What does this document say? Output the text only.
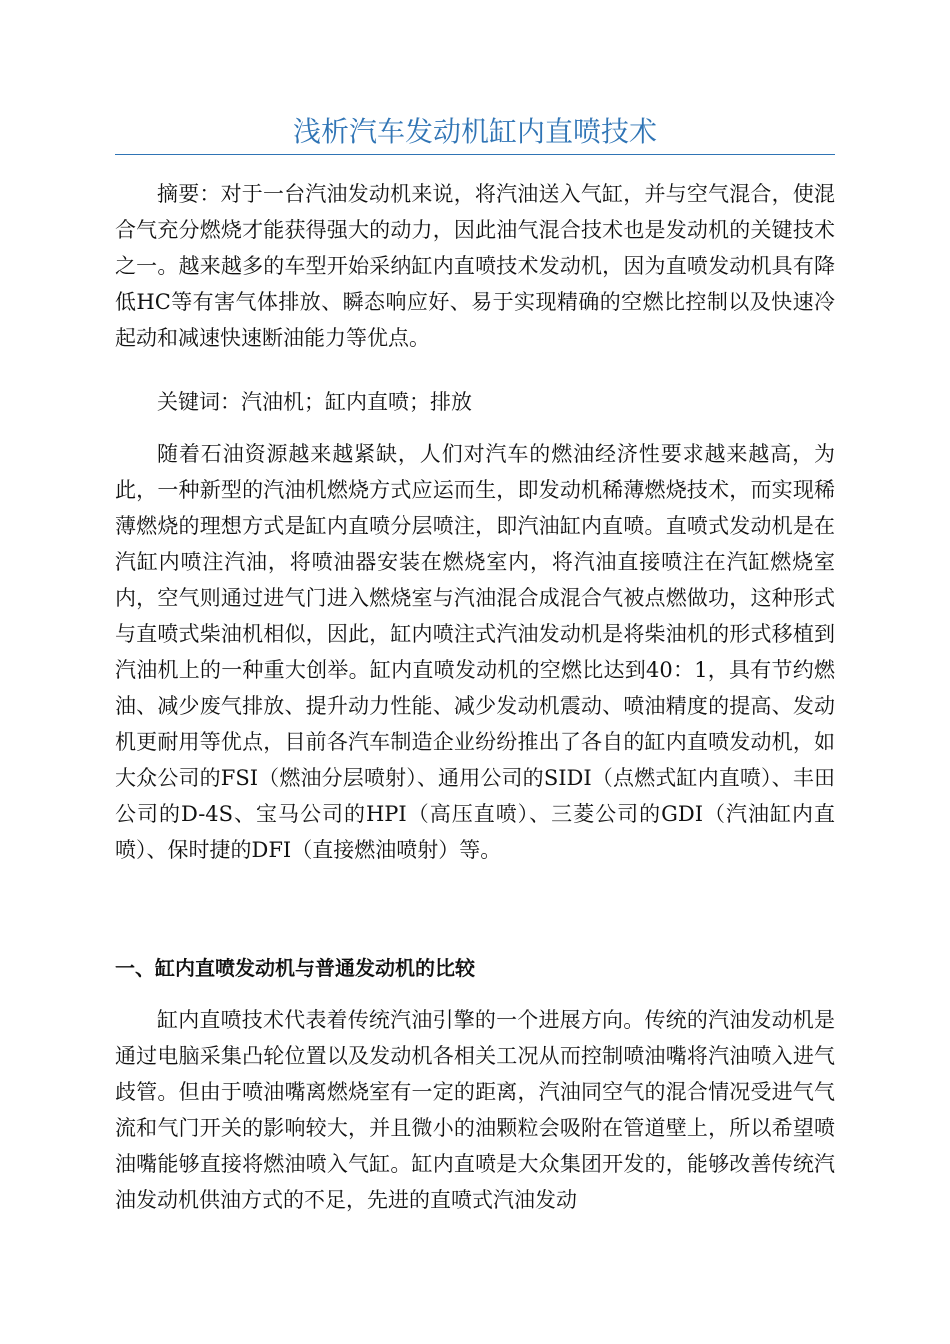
浅析汽车发动机缸内直喷技术

摘要：对于一台汽油发动机来说，将汽油送入气缸，并与空气混合，使混合气充分燃烧才能获得强大的动力，因此油气混合技术也是发动机的关键技术之一。越来越多的车型开始采纳缸内直喷技术发动机，因为直喷发动机具有降低HC等有害气体排放、瞬态响应好、易于实现精确的空燃比控制以及快速冷起动和减速快速断油能力等优点。

关键词：汽油机；缸内直喷；排放

随着石油资源越来越紧缺，人们对汽车的燃油经济性要求越来越高，为此，一种新型的汽油机燃烧方式应运而生，即发动机稀薄燃烧技术，而实现稀薄燃烧的理想方式是缸内直喷分层喷注，即汽油缸内直喷。直喷式发动机是在汽缸内喷注汽油，将喷油器安装在燃烧室内，将汽油直接喷注在汽缸燃烧室内，空气则通过进气门进入燃烧室与汽油混合成混合气被点燃做功，这种形式与直喷式柴油机相似，因此，缸内喷注式汽油发动机是将柴油机的形式移植到汽油机上的一种重大创举。缸内直喷发动机的空燃比达到40：1，具有节约燃油、减少废气排放、提升动力性能、减少发动机震动、喷油精度的提高、发动机更耐用等优点，目前各汽车制造企业纷纷推出了各自的缸内直喷发动机，如大众公司的FSI（燃油分层喷射）、通用公司的SIDI（点燃式缸内直喷）、丰田公司的D-4S、宝马公司的HPI（高压直喷）、三菱公司的GDI（汽油缸内直喷）、保时捷的DFI（直接燃油喷射）等。

一、缸内直喷发动机与普通发动机的比较

缸内直喷技术代表着传统汽油引擎的一个进展方向。传统的汽油发动机是通过电脑采集凸轮位置以及发动机各相关工况从而控制喷油嘴将汽油喷入进气歧管。但由于喷油嘴离燃烧室有一定的距离，汽油同空气的混合情况受进气气流和气门开关的影响较大，并且微小的油颗粒会吸附在管道壁上，所以希望喷油嘴能够直接将燃油喷入气缸。缸内直喷是大众集团开发的，能够改善传统汽油发动机供油方式的不足，先进的直喷式汽油发动
